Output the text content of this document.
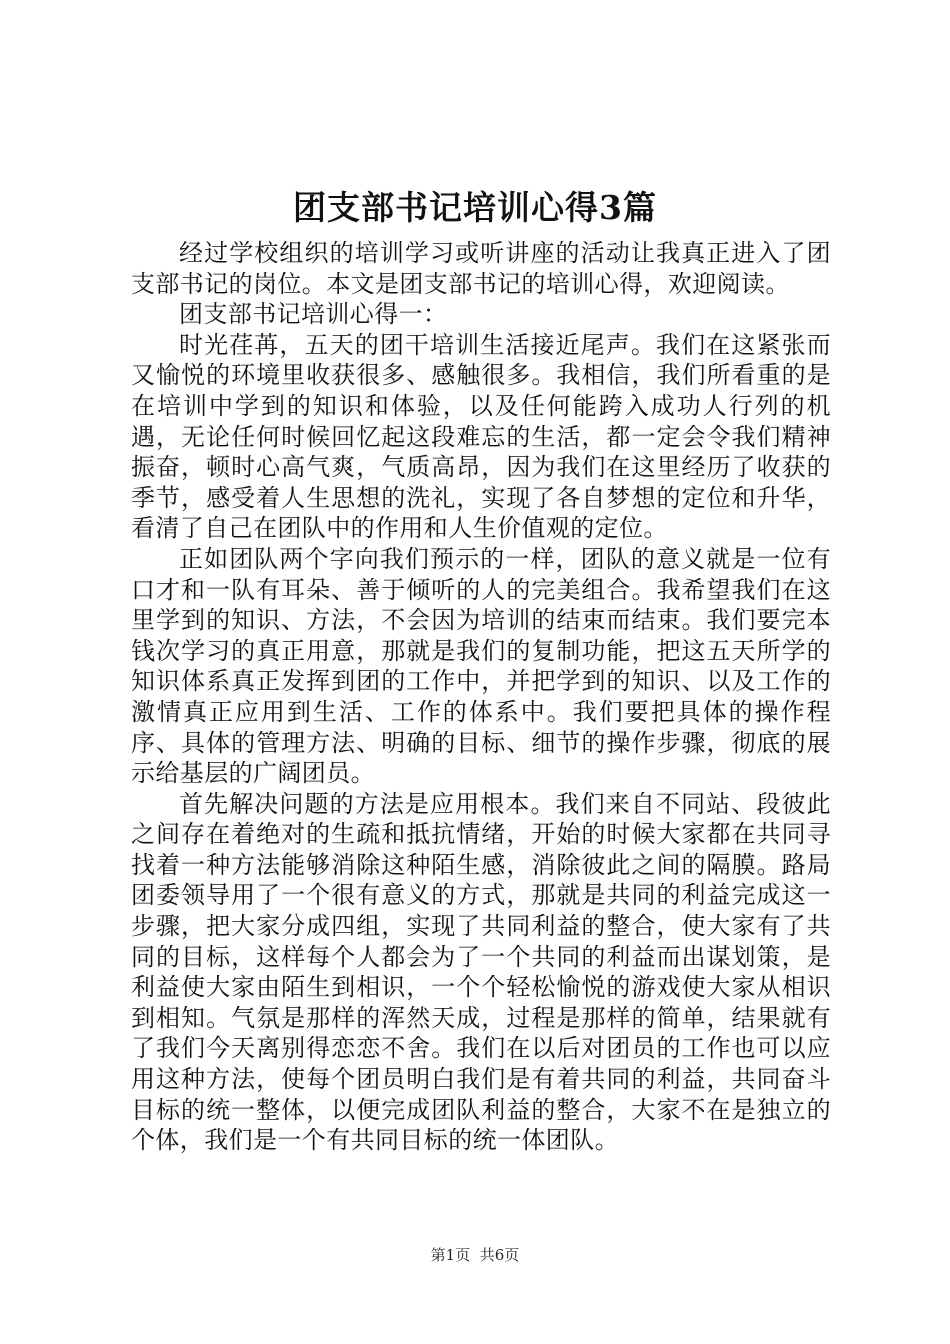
团支部书记培训心得3篇

经过学校组织的培训学习或听讲座的活动让我真正进入了团支部书记的岗位。本文是团支部书记的培训心得，欢迎阅读。

团支部书记培训心得一：

时光荏苒，五天的团干培训生活接近尾声。我们在这紧张而又愉悦的环境里收获很多、感触很多。我相信，我们所看重的是在培训中学到的知识和体验，以及任何能跨入成功人行列的机遇，无论任何时候回忆起这段难忘的生活，都一定会令我们精神振奋，顿时心高气爽，气质高昂，因为我们在这里经历了收获的季节，感受着人生思想的洗礼，实现了各自梦想的定位和升华，看清了自己在团队中的作用和人生价值观的定位。

正如团队两个字向我们预示的一样，团队的意义就是一位有口才和一队有耳朵、善于倾听的人的完美组合。我希望我们在这里学到的知识、方法，不会因为培训的结束而结束。我们要完本钱次学习的真正用意，那就是我们的复制功能，把这五天所学的知识体系真正发挥到团的工作中，并把学到的知识、以及工作的激情真正应用到生活、工作的体系中。我们要把具体的操作程序、具体的管理方法、明确的目标、细节的操作步骤，彻底的展示给基层的广阔团员。

首先解决问题的方法是应用根本。我们来自不同站、段彼此之间存在着绝对的生疏和抵抗情绪，开始的时候大家都在共同寻找着一种方法能够消除这种陌生感，消除彼此之间的隔膜。路局团委领导用了一个很有意义的方式，那就是共同的利益完成这一步骤，把大家分成四组，实现了共同利益的整合，使大家有了共同的目标，这样每个人都会为了一个共同的利益而出谋划策，是利益使大家由陌生到相识，一个个轻松愉悦的游戏使大家从相识到相知。气氛是那样的浑然天成，过程是那样的简单，结果就有了我们今天离别得恋恋不舍。我们在以后对团员的工作也可以应用这种方法，使每个团员明白我们是有着共同的利益，共同奋斗目标的统一整体，以便完成团队利益的整合，大家不在是独立的个体，我们是一个有共同目标的统一体团队。

第1页 共6页
